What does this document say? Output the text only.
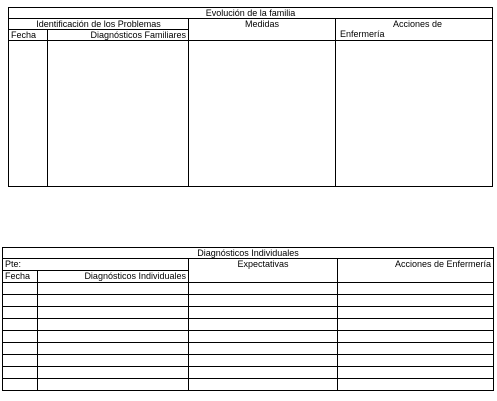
Evolución de la familia			
Identificación de los Problemas		Medidas	Acciones de
Enfermería

Fecha	Diagnósticos Familiares		

Diagnósticos Individuales			
Pte:		Expectativas	Acciones de Enfermería
Fecha	Diagnósticos Individuales		
